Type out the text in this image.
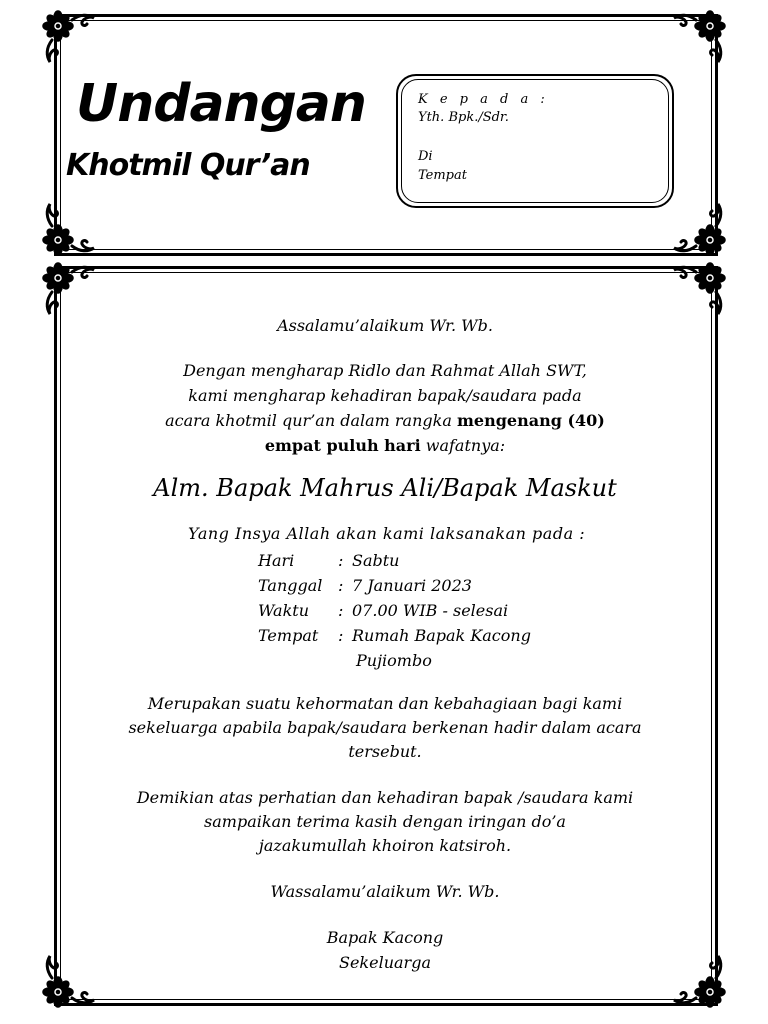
Undangan
Khotmil Qur’an
K e p a d a :
Yth. Bpk./Sdr.
Di
Tempat
Assalamu’alaikum Wr. Wb.
Dengan mengharap Ridlo dan Rahmat Allah SWT,
kami mengharap kehadiran bapak/saudara pada
acara khotmil qur’an dalam rangka mengenang (40)
empat puluh hari wafatnya:
Alm. Bapak Mahrus Ali/Bapak Maskut
Yang Insya Allah akan kami laksanakan pada :
Hari	: Sabtu
Tanggal : 7 Januari 2023
Waktu	: 07.00 WIB - selesai
Tempat	: Rumah Bapak Kacong
Pujiombo
Merupakan suatu kehormatan dan kebahagiaan bagi kami
sekeluarga apabila bapak/saudara berkenan hadir dalam acara
tersebut.
Demikian atas perhatian dan kehadiran bapak /saudara kami
sampaikan terima kasih dengan iringan do’a
jazakumullah khoiron katsiroh.
Wassalamu’alaikum Wr. Wb.
Bapak Kacong
Sekeluarga
